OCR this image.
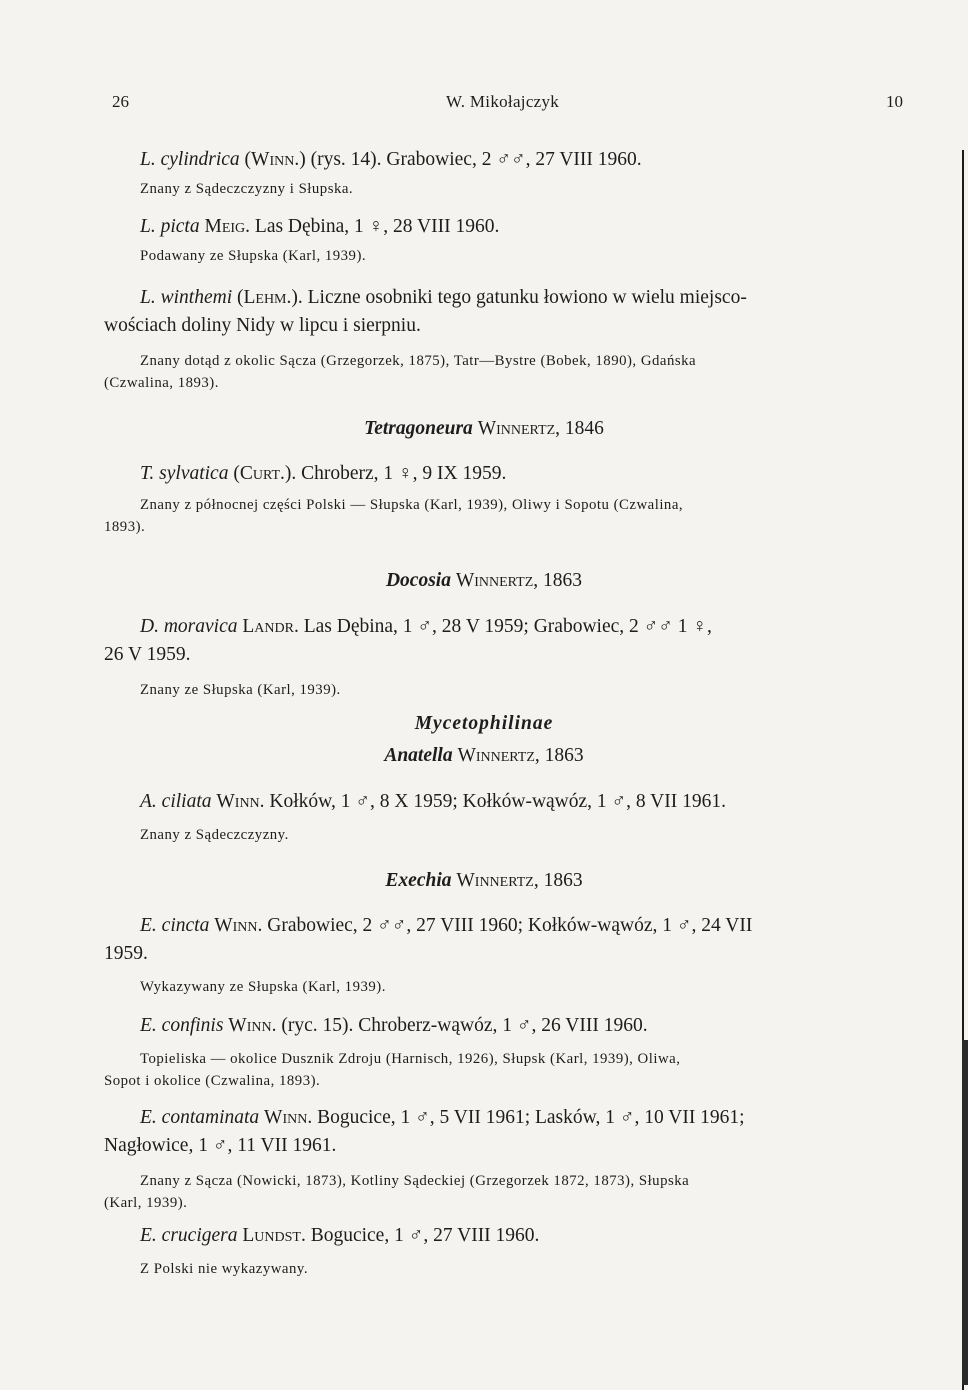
26	W. Mikołajczyk	10

L. cylindrica (Winn.) (rys. 14). Grabowiec, 2 ♂♂, 27 VIII 1960.

Znany z Sądeczczyzny i Słupska.

L. picta Meig. Las Dębina, 1 ♀, 28 VIII 1960.

Podawany ze Słupska (Karl, 1939).

L. winthemi (Lehm.). Liczne osobniki tego gatunku łowiono w wielu miejsco-

wościach doliny Nidy w lipcu i sierpniu.

Znany dotąd z okolic Sącza (Grzegorzek, 1875), Tatr—Bystre (Bobek, 1890), Gdańska

(Czwalina, 1893).

Tetragoneura Winnertz, 1846

T. sylvatica (Curt.). Chroberz, 1 ♀, 9 IX 1959.

Znany z północnej części Polski — Słupska (Karl, 1939), Oliwy i Sopotu (Czwalina,

1893).

Docosia Winnertz, 1863

D. moravica Landr. Las Dębina, 1 ♂, 28 V 1959; Grabowiec, 2 ♂♂ 1 ♀,

26 V 1959.

Znany ze Słupska (Karl, 1939).

Mycetophilinae
Anatella Winnertz, 1863

A. ciliata Winn. Kołków, 1 ♂, 8 X 1959; Kołków-wąwóz, 1 ♂, 8 VII 1961.

Znany z Sądeczczyzny.

Exechia Winnertz, 1863

E. cincta Winn. Grabowiec, 2 ♂♂, 27 VIII 1960; Kołków-wąwóz, 1 ♂, 24 VII

1959.

Wykazywany ze Słupska (Karl, 1939).

E. confinis Winn. (ryc. 15). Chroberz-wąwóz, 1 ♂, 26 VIII 1960.

Topieliska — okolice Dusznik Zdroju (Harnisch, 1926), Słupsk (Karl, 1939), Oliwa,

Sopot i okolice (Czwalina, 1893).

E. contaminata Winn. Bogucice, 1 ♂, 5 VII 1961; Lasków, 1 ♂, 10 VII 1961;

Nagłowice, 1 ♂, 11 VII 1961.

Znany z Sącza (Nowicki, 1873), Kotliny Sądeckiej (Grzegorzek 1872, 1873), Słupska

(Karl, 1939).

E. crucigera Lundst. Bogucice, 1 ♂, 27 VIII 1960.

Z Polski nie wykazywany.
